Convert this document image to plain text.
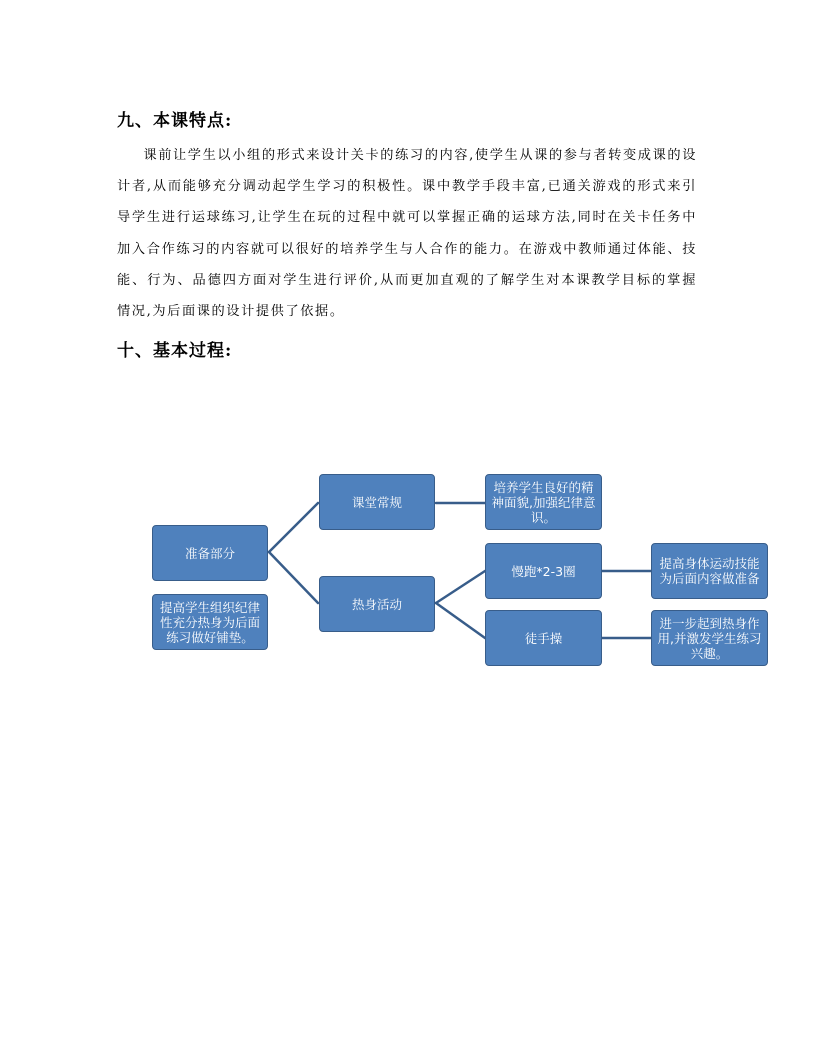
九、本课特点:

课前让学生以小组的形式来设计关卡的练习的内容,使学生从课的参与者转变成课的设计者,从而能够充分调动起学生学习的积极性。课中教学手段丰富,已通关游戏的形式来引导学生进行运球练习,让学生在玩的过程中就可以掌握正确的运球方法,同时在关卡任务中加入合作练习的内容就可以很好的培养学生与人合作的能力。在游戏中教师通过体能、技能、行为、品德四方面对学生进行评价,从而更加直观的了解学生对本课教学目标的掌握情况,为后面课的设计提供了依据。

十、基本过程:
准备部分
提高学生组织纪律性充分热身为后面练习做好铺垫。
课堂常规
培养学生良好的精神面貌,加强纪律意识。
热身活动
慢跑*2-3圈	提高身体运动技能为后面内容做准备
徒手操
进一步起到热身作用,并激发学生练习兴趣。
